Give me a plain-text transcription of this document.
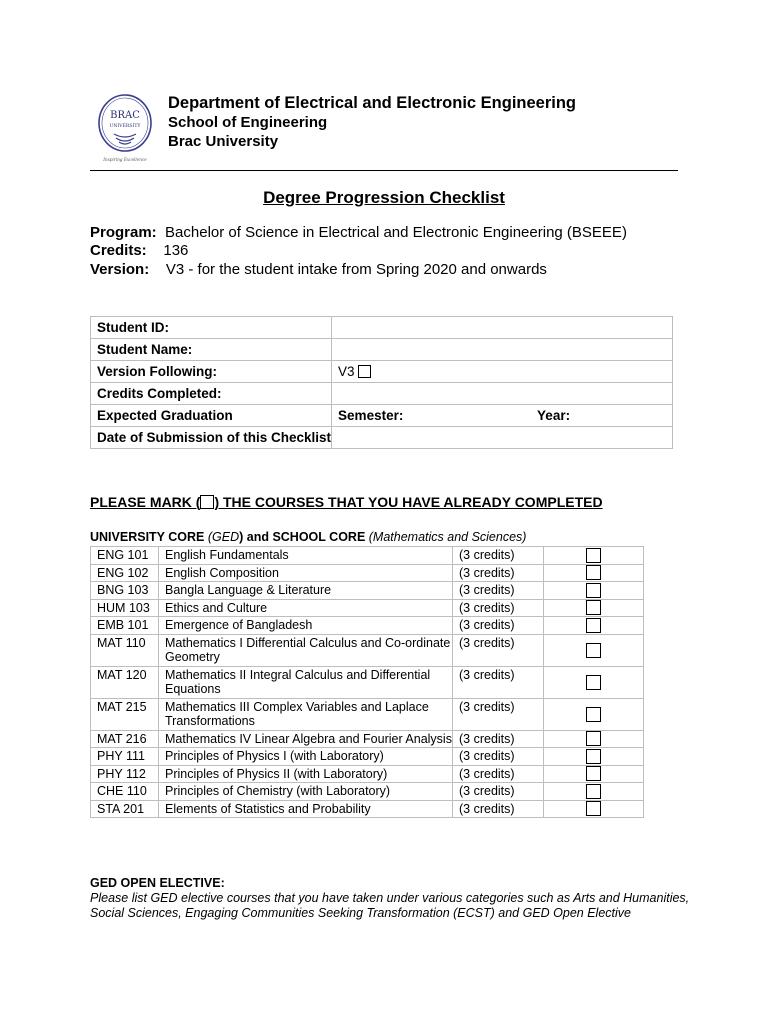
BRAC
UNIVERSITY
Inspiring Excellence
Department of Electrical and Electronic Engineering
School of Engineering
Brac University
Degree Progression Checklist
Program: Bachelor of Science in Electrical and Electronic Engineering (BSEEE)
Credits: 136
Version: V3 - for the student intake from Spring 2020 and onwards
Student ID:	
Student Name:	
Version Following:	V3
Credits Completed:	
Expected Graduation	Semester: Year:
Date of Submission of this Checklist	
PLEASE MARK ( ) THE COURSES THAT YOU HAVE ALREADY COMPLETED
UNIVERSITY CORE (GED) and SCHOOL CORE (Mathematics and Sciences)
ENG 101	English Fundamentals	(3 credits)	
ENG 102	English Composition	(3 credits)	
BNG 103	Bangla Language & Literature	(3 credits)	
HUM 103	Ethics and Culture	(3 credits)	
EMB 101	Emergence of Bangladesh	(3 credits)	
MAT 110	Mathematics I Differential Calculus and Co-ordinate Geometry	(3 credits)	
MAT 120	Mathematics II Integral Calculus and Differential Equations	(3 credits)	
MAT 215	Mathematics III Complex Variables and Laplace Transformations	(3 credits)	
MAT 216	Mathematics IV Linear Algebra and Fourier Analysis	(3 credits)	
PHY 111	Principles of Physics I (with Laboratory)	(3 credits)	
PHY 112	Principles of Physics II (with Laboratory)	(3 credits)	
CHE 110	Principles of Chemistry (with Laboratory)	(3 credits)	
STA 201	Elements of Statistics and Probability	(3 credits)	
GED OPEN ELECTIVE:
Please list GED elective courses that you have taken under various categories such as Arts and Humanities, Social Sciences, Engaging Communities Seeking Transformation (ECST) and GED Open Elective
